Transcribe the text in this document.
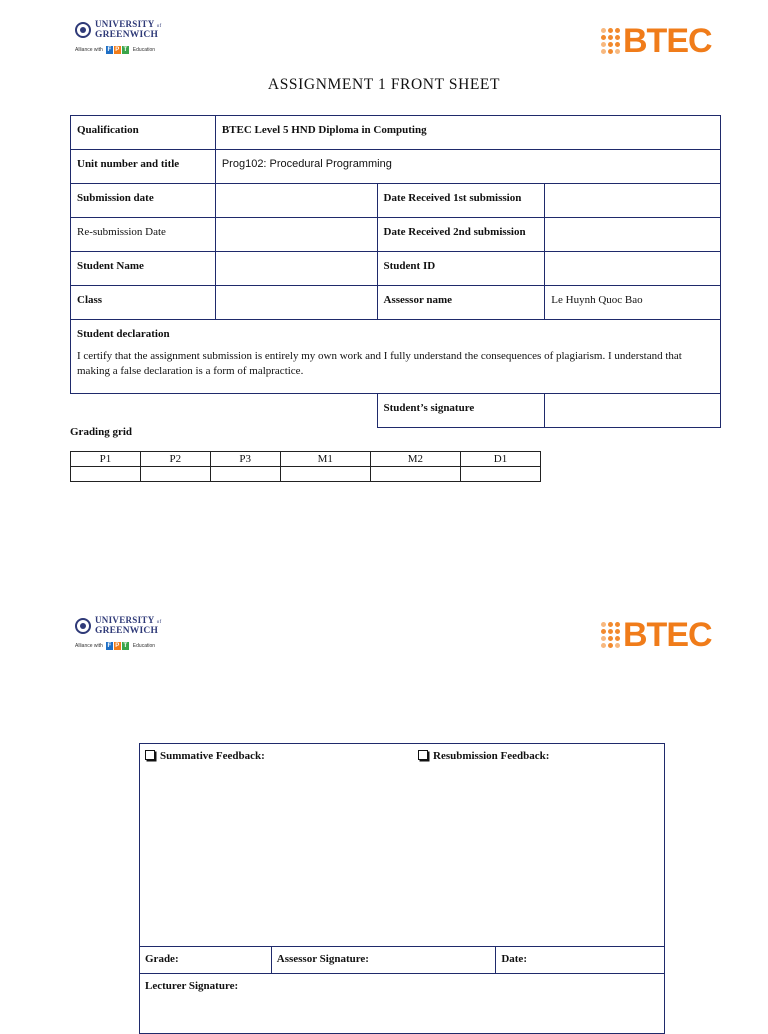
UNIVERSITY of
GREENWICH
Alliance with F P T	Education	BTEC
ASSIGNMENT 1 FRONT SHEET
Qualification	BTEC Level 5 HND Diploma in Computing		
Unit number and title	Prog102: Procedural Programming		
Submission date		Date Received 1st submission	
Re-submission Date		Date Received 2nd submission	
Student Name		Student ID	
Class		Assessor name	Le Huynh Quoc Bao

Student declaration
I certify that the assignment submission is entirely my own work and I fully understand the consequences of plagiarism. I understand that making a false declaration is a form of malpractice.			

		Student’s signature	
Grading grid
P1	P2	P3	M1	M2	D1

UNIVERSITY of
GREENWICH
Alliance with F P T	Education	BTEC
Summative Feedback:	Resubmission Feedback:

Grade:	Assessor Signature:	Date:
Lecturer Signature:
